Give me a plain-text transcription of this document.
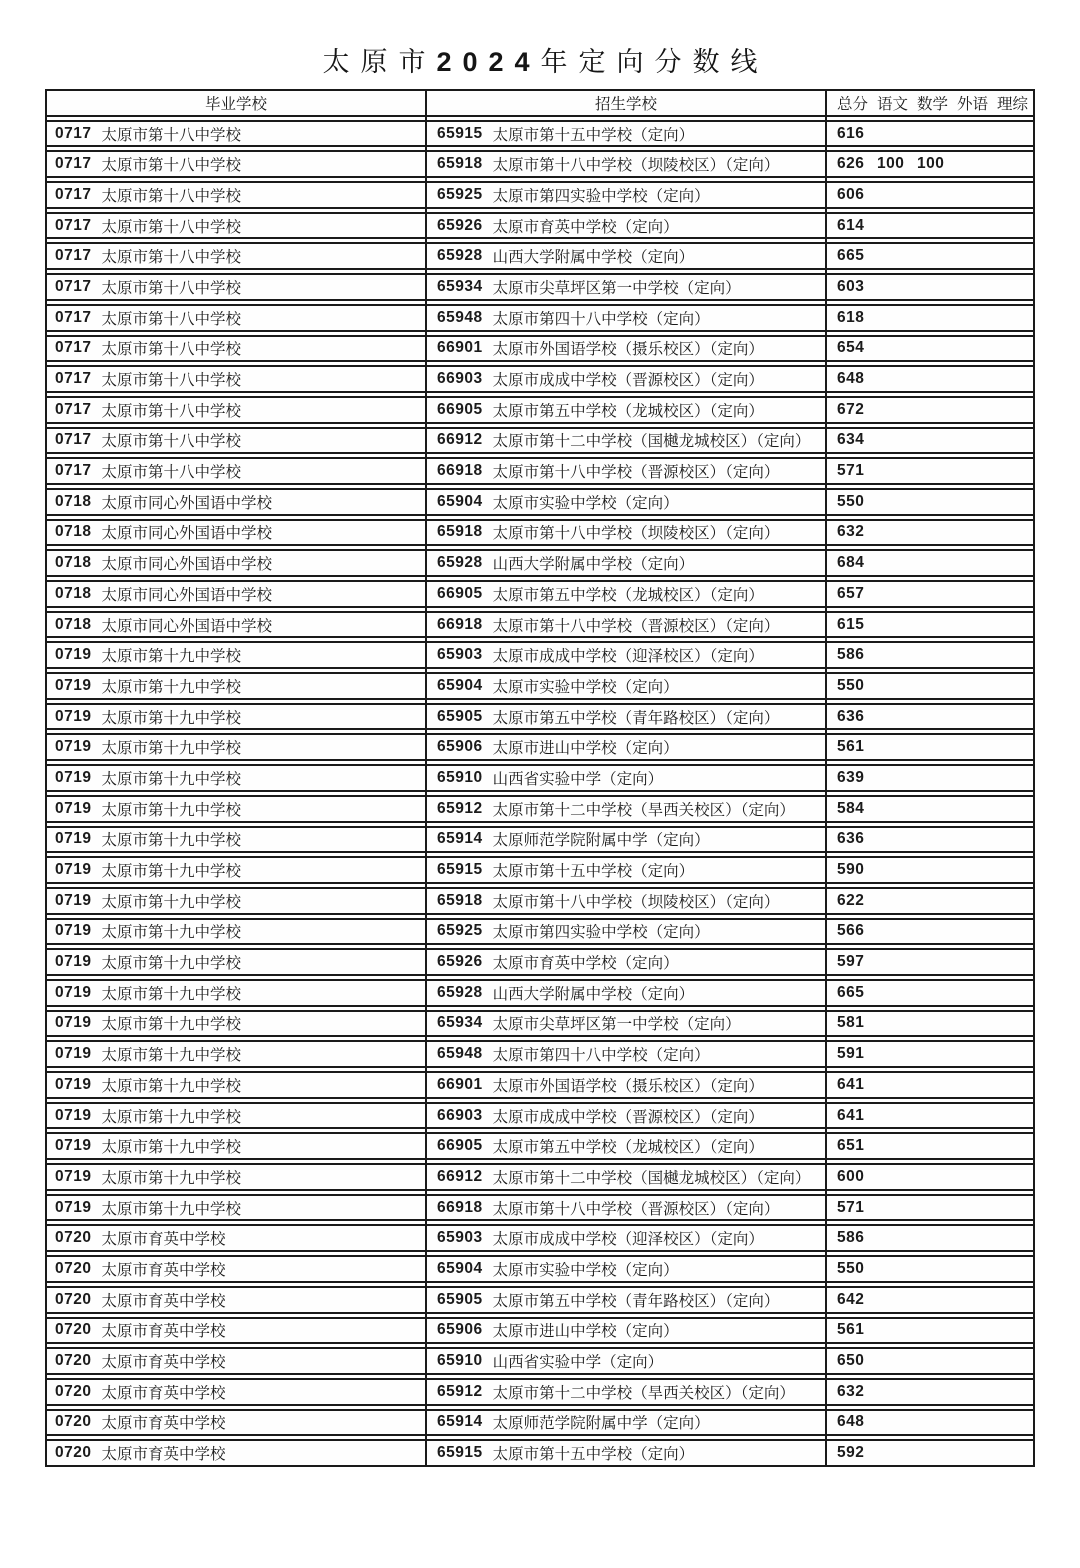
太原市2024年定向分数线
毕业学校	招生学校	总分 语文 数学 外语 理综
0717 太原市第十八中学校	65915 太原市第十五中学校（定向）	616
0717 太原市第十八中学校	65918 太原市第十八中学校（坝陵校区）（定向）	626 100 100
0717 太原市第十八中学校	65925 太原市第四实验中学校（定向）	606
0717 太原市第十八中学校	65926 太原市育英中学校（定向）	614
0717 太原市第十八中学校	65928 山西大学附属中学校（定向）	665
0717 太原市第十八中学校	65934 太原市尖草坪区第一中学校（定向）	603
0717 太原市第十八中学校	65948 太原市第四十八中学校（定向）	618
0717 太原市第十八中学校	66901 太原市外国语学校（摄乐校区）（定向）	654
0717 太原市第十八中学校	66903 太原市成成中学校（晋源校区）（定向）	648
0717 太原市第十八中学校	66905 太原市第五中学校（龙城校区）（定向）	672
0717 太原市第十八中学校	66912 太原市第十二中学校（国樾龙城校区）（定向） 634
0717 太原市第十八中学校	66918 太原市第十八中学校（晋源校区）（定向）	571
0718 太原市同心外国语中学校	65904 太原市实验中学校（定向）	550
0718 太原市同心外国语中学校	65918 太原市第十八中学校（坝陵校区）（定向）	632
0718 太原市同心外国语中学校	65928 山西大学附属中学校（定向）	684
0718 太原市同心外国语中学校	66905 太原市第五中学校（龙城校区）（定向）	657
0718 太原市同心外国语中学校	66918 太原市第十八中学校（晋源校区）（定向）	615
0719 太原市第十九中学校	65903 太原市成成中学校（迎泽校区）（定向）	586
0719 太原市第十九中学校	65904 太原市实验中学校（定向）	550
0719 太原市第十九中学校	65905 太原市第五中学校（青年路校区）（定向）	636
0719 太原市第十九中学校	65906 太原市进山中学校（定向）	561
0719 太原市第十九中学校	65910 山西省实验中学（定向）	639
0719 太原市第十九中学校	65912 太原市第十二中学校（旱西关校区）（定向）	584
0719 太原市第十九中学校	65914 太原师范学院附属中学（定向）	636
0719 太原市第十九中学校	65915 太原市第十五中学校（定向）	590
0719 太原市第十九中学校	65918 太原市第十八中学校（坝陵校区）（定向）	622
0719 太原市第十九中学校	65925 太原市第四实验中学校（定向）	566
0719 太原市第十九中学校	65926 太原市育英中学校（定向）	597
0719 太原市第十九中学校	65928 山西大学附属中学校（定向）	665
0719 太原市第十九中学校	65934 太原市尖草坪区第一中学校（定向）	581
0719 太原市第十九中学校	65948 太原市第四十八中学校（定向）	591
0719 太原市第十九中学校	66901 太原市外国语学校（摄乐校区）（定向）	641
0719 太原市第十九中学校	66903 太原市成成中学校（晋源校区）（定向）	641
0719 太原市第十九中学校	66905 太原市第五中学校（龙城校区）（定向）	651
0719 太原市第十九中学校	66912 太原市第十二中学校（国樾龙城校区）（定向） 600
0719 太原市第十九中学校	66918 太原市第十八中学校（晋源校区）（定向）	571
0720 太原市育英中学校	65903 太原市成成中学校（迎泽校区）（定向）	586
0720 太原市育英中学校	65904 太原市实验中学校（定向）	550
0720 太原市育英中学校	65905 太原市第五中学校（青年路校区）（定向）	642
0720 太原市育英中学校	65906 太原市进山中学校（定向）	561
0720 太原市育英中学校	65910 山西省实验中学（定向）	650
0720 太原市育英中学校	65912 太原市第十二中学校（旱西关校区）（定向）	632
0720 太原市育英中学校	65914 太原师范学院附属中学（定向）	648
0720 太原市育英中学校	65915 太原市第十五中学校（定向）	592
